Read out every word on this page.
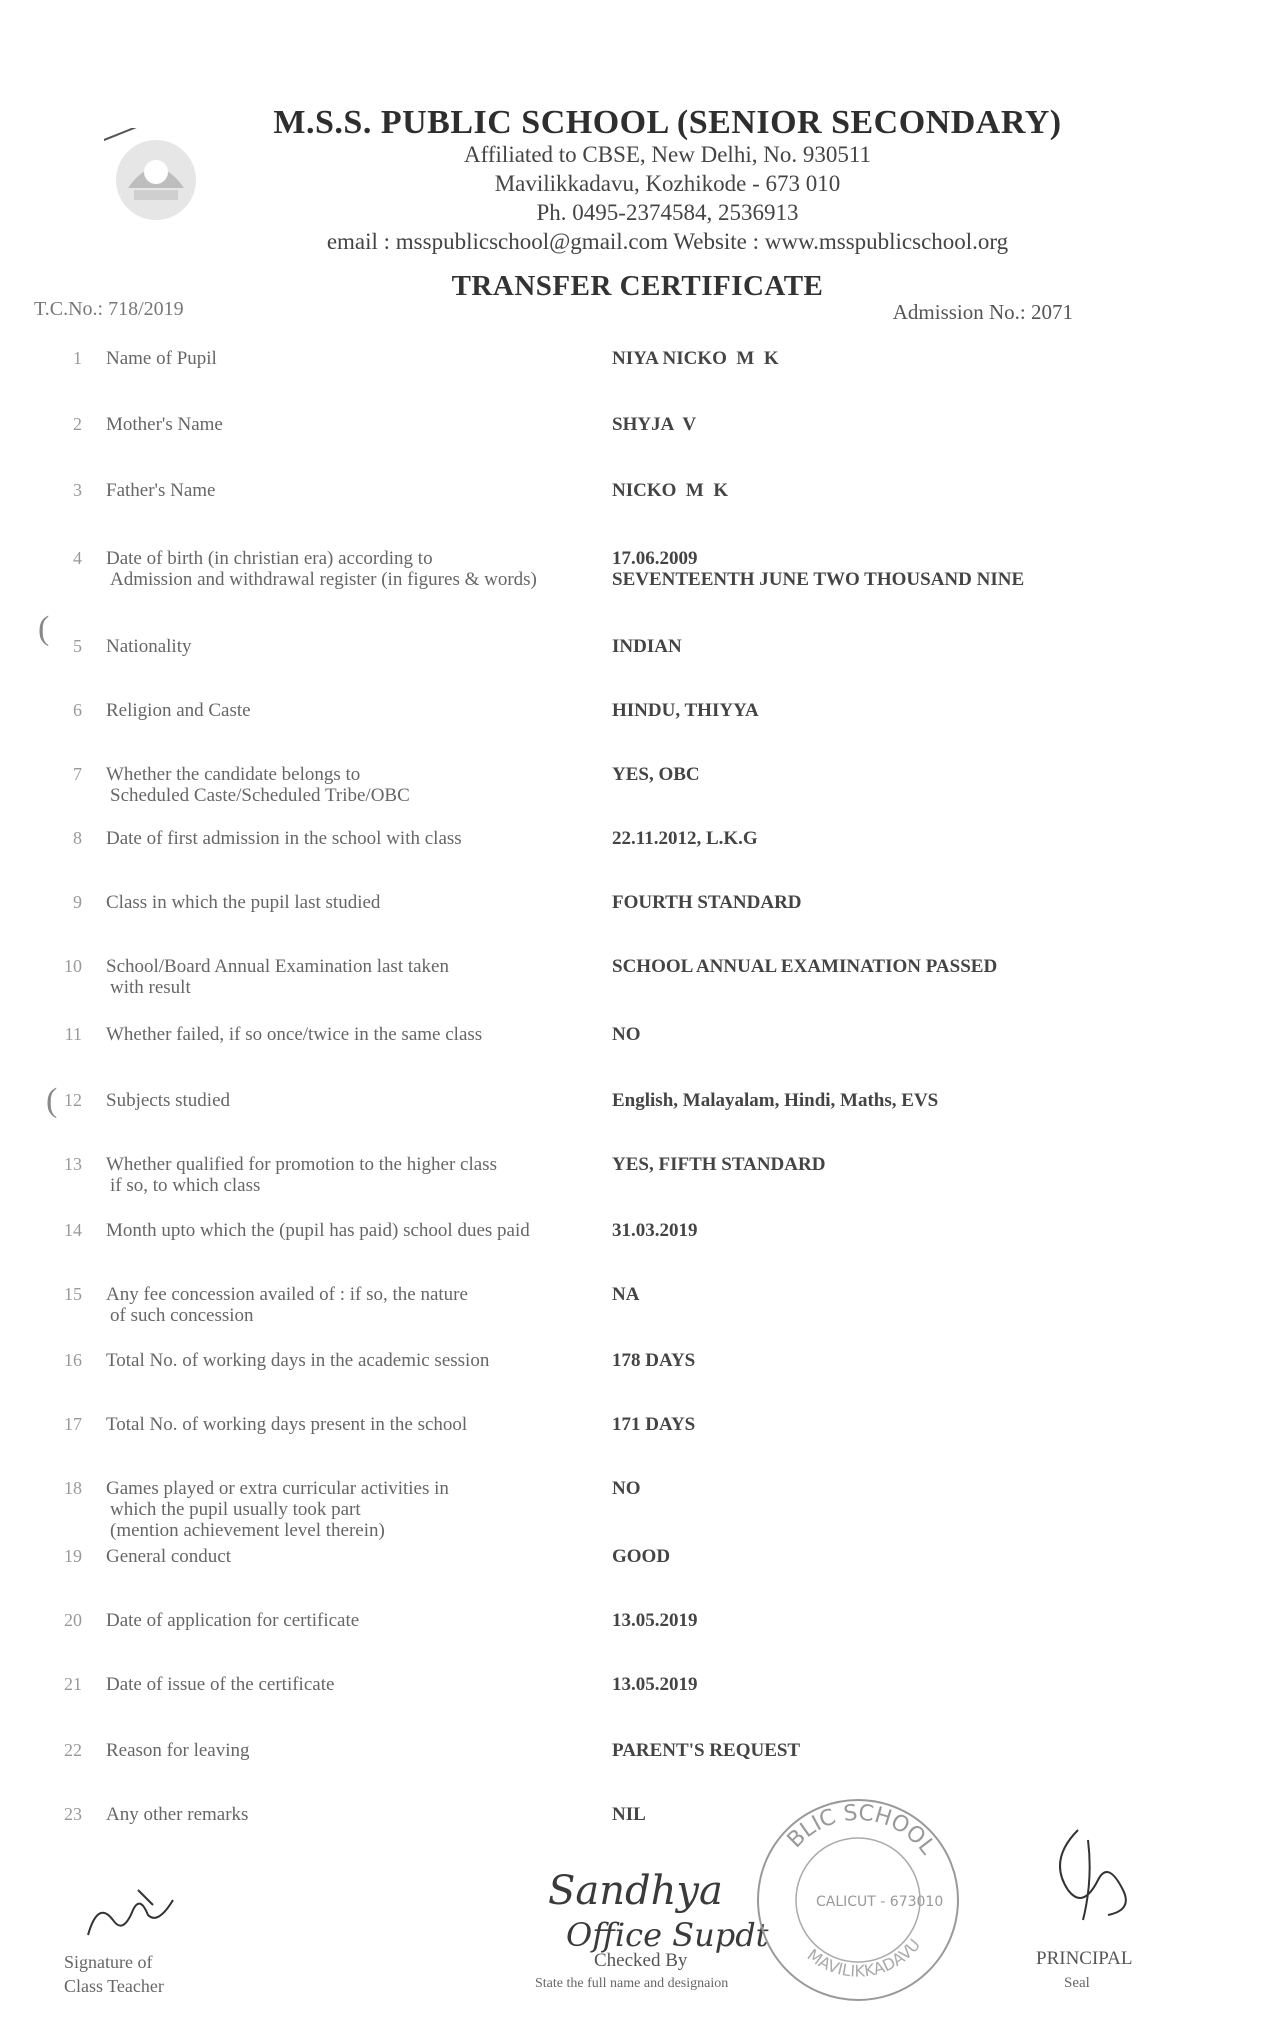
M.S.S. PUBLIC SCHOOL (SENIOR SECONDARY)
Affiliated to CBSE, New Delhi, No. 930511
Mavilikkadavu, Kozhikode - 673 010
Ph. 0495-2374584, 2536913
email : msspublicschool@gmail.com Website : www.msspublicschool.org
TRANSFER CERTIFICATE
T.C.No.: 718/2019	Admission No.: 2071
1 Name of Pupil	NIYA NICKO  M  K
2 Mother's Name	SHYJA  V
3 Father's Name	NICKO  M  K
4 Date of birth (in christian era) according to
Admission and withdrawal register (in figures & words)
17.06.2009
SEVENTEENTH JUNE TWO THOUSAND NINE
5 Nationality	INDIAN
6 Religion and Caste	HINDU, THIYYA
7 Whether the candidate belongs to
Scheduled Caste/Scheduled Tribe/OBC
YES, OBC
8 Date of first admission in the school with class	22.11.2012, L.K.G
9 Class in which the pupil last studied	FOURTH STANDARD
10 School/Board Annual Examination last taken
with result
SCHOOL ANNUAL EXAMINATION PASSED
11 Whether failed, if so once/twice in the same class	NO
12 Subjects studied	English, Malayalam, Hindi, Maths, EVS
13 Whether qualified for promotion to the higher class
if so, to which class
YES, FIFTH STANDARD
14 Month upto which the (pupil has paid) school dues paid	31.03.2019
15 Any fee concession availed of : if so, the nature
of such concession
NA
16 Total No. of working days in the academic session	178 DAYS
17 Total No. of working days present in the school	171 DAYS
18 Games played or extra curricular activities in
which the pupil usually took part
(mention achievement level therein)
NO
19 General conduct	GOOD
20 Date of application for certificate	13.05.2019
21 Date of issue of the certificate	13.05.2019
22 Reason for leaving	PARENT'S REQUEST
23 Any other remarks	NIL
(
(
Signature of
Class Teacher
Sandhya
Office Supdt
Checked By
State the full name and designaion
BLIC SCHOOL
CALICUT - 673010
MAVILIKKADAVU
PRINCIPAL
Seal
